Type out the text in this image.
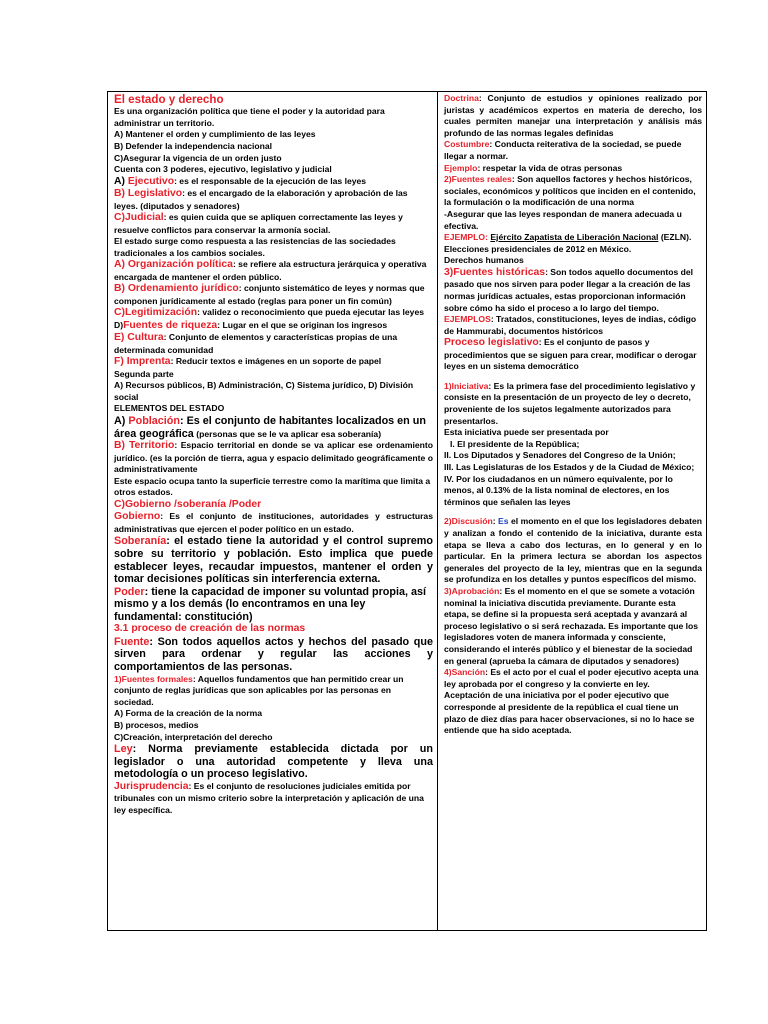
El estado y derecho

Es una organización política que tiene el poder y la autoridad para administrar un territorio.

A) Mantener el orden y cumplimiento de las leyes

B) Defender la independencia nacional

C)Asegurar la vigencia de un orden justo

Cuenta con 3 poderes, ejecutivo, legislativo y judicial

A) Ejecutivo: es el responsable de la ejecución de las leyes

B) Legislativo: es el encargado de la elaboración y aprobación de las leyes. (diputados y senadores)

C)Judicial: es quien cuida que se apliquen correctamente las leyes y resuelve conflictos para conservar la armonía social.

El estado surge como respuesta a las resistencias de las sociedades tradicionales a los cambios sociales.

A) Organización política: se refiere ala estructura jerárquica y operativa encargada de mantener el orden público.

B) Ordenamiento jurídico: conjunto sistemático de leyes y normas que componen jurídicamente al estado (reglas para poner un fin común)

C)Legitimización: validez o reconocimiento que pueda ejecutar las leyes

D)Fuentes de riqueza: Lugar en el que se originan los ingresos

E) Cultura: Conjunto de elementos y características propias de una determinada comunidad

F) Imprenta: Reducir textos e imágenes en un soporte de papel

Segunda parte

A) Recursos públicos, B) Administración, C) Sistema jurídico, D) División social

ELEMENTOS DEL ESTADO

A) Población: Es el conjunto de habitantes localizados en un área geográfica (personas que se le va aplicar esa soberanía)

B) Territorio: Espacio territorial en donde se va aplicar ese ordenamiento jurídico. (es la porción de tierra, agua y espacio delimitado geográficamente o administrativamente

Este espacio ocupa tanto la superficie terrestre como la marítima que limita a otros estados.

C)Gobierno /soberanía /Poder

Gobierno: Es el conjunto de instituciones, autoridades y estructuras administrativas que ejercen el poder político en un estado.

Soberanía: el estado tiene la autoridad y el control supremo sobre su territorio y población. Esto implica que puede establecer leyes, recaudar impuestos, mantener el orden y tomar decisiones políticas sin interferencia externa.

Poder: tiene la capacidad de imponer su voluntad propia, así mismo y a los demás (lo encontramos en una ley fundamental: constitución)

3.1 proceso de creación de las normas

Fuente: Son todos aquellos actos y hechos del pasado que sirven para ordenar y regular las acciones y comportamientos de las personas.

1)Fuentes formales: Aquellos fundamentos que han permitido crear un conjunto de reglas jurídicas que son aplicables por las personas en sociedad.

A) Forma de la creación de la norma

B) procesos, medios

C)Creación, interpretación del derecho

Ley: Norma previamente establecida dictada por un legislador o una autoridad competente y lleva una metodología o un proceso legislativo.

Jurisprudencia: Es el conjunto de resoluciones judiciales emitida por tribunales con un mismo criterio sobre la interpretación y aplicación de una ley específica.

Doctrina: Conjunto de estudios y opiniones realizado por juristas y académicos expertos en materia de derecho, los cuales permiten manejar una interpretación y análisis más profundo de las normas legales definidas

Costumbre: Conducta reiterativa de la sociedad, se puede llegar a normar.

Ejemplo: respetar la vida de otras personas

2)Fuentes reales: Son aquellos factores y hechos históricos, sociales, económicos y políticos que inciden en el contenido, la formulación o la modificación de una norma

-Asegurar que las leyes respondan de manera adecuada u efectiva.

EJEMPLO: Ejército Zapatista de Liberación Nacional (EZLN).

Elecciones presidenciales de 2012 en México.

Derechos humanos

3)Fuentes históricas: Son todos aquello documentos del pasado que nos sirven para poder llegar a la creación de las normas jurídicas actuales, estas proporcionan información sobre cómo ha sido el proceso a lo largo del tiempo.

EJEMPLOS: Tratados, constituciones, leyes de indias, código de Hammurabi, documentos históricos

Proceso legislativo: Es el conjunto de pasos y procedimientos que se siguen para crear, modificar o derogar leyes en un sistema democrático

1)Iniciativa: Es la primera fase del procedimiento legislativo y consiste en la presentación de un proyecto de ley o decreto, proveniente de los sujetos legalmente autorizados para presentarlos.

Esta iniciativa puede ser presentada por

I. El presidente de la República;

II. Los Diputados y Senadores del Congreso de la Unión;

III. Las Legislaturas de los Estados y de la Ciudad de México;

IV. Por los ciudadanos en un número equivalente, por lo menos, al 0.13% de la lista nominal de electores, en los términos que señalen las leyes

2)Discusión: Es el momento en el que los legisladores debaten y analizan a fondo el contenido de la iniciativa, durante esta etapa se lleva a cabo dos lecturas, en lo general y en lo particular. En la primera lectura se abordan los aspectos generales del proyecto de la ley, mientras que en la segunda se profundiza en los detalles y puntos específicos del mismo.

3)Aprobación: Es el momento en el que se somete a votación nominal la iniciativa discutida previamente. Durante esta etapa, se define si la propuesta será aceptada y avanzará al proceso legislativo o si será rechazada. Es importante que los legisladores voten de manera informada y consciente, considerando el interés público y el bienestar de la sociedad en general (aprueba la cámara de diputados y senadores)

4)Sanción: Es el acto por el cual el poder ejecutivo acepta una ley aprobada por el congreso y la convierte en ley.

Aceptación de una iniciativa por el poder ejecutivo que corresponde al presidente de la república el cual tiene un plazo de diez días para hacer observaciones, si no lo hace se entiende que ha sido aceptada.
